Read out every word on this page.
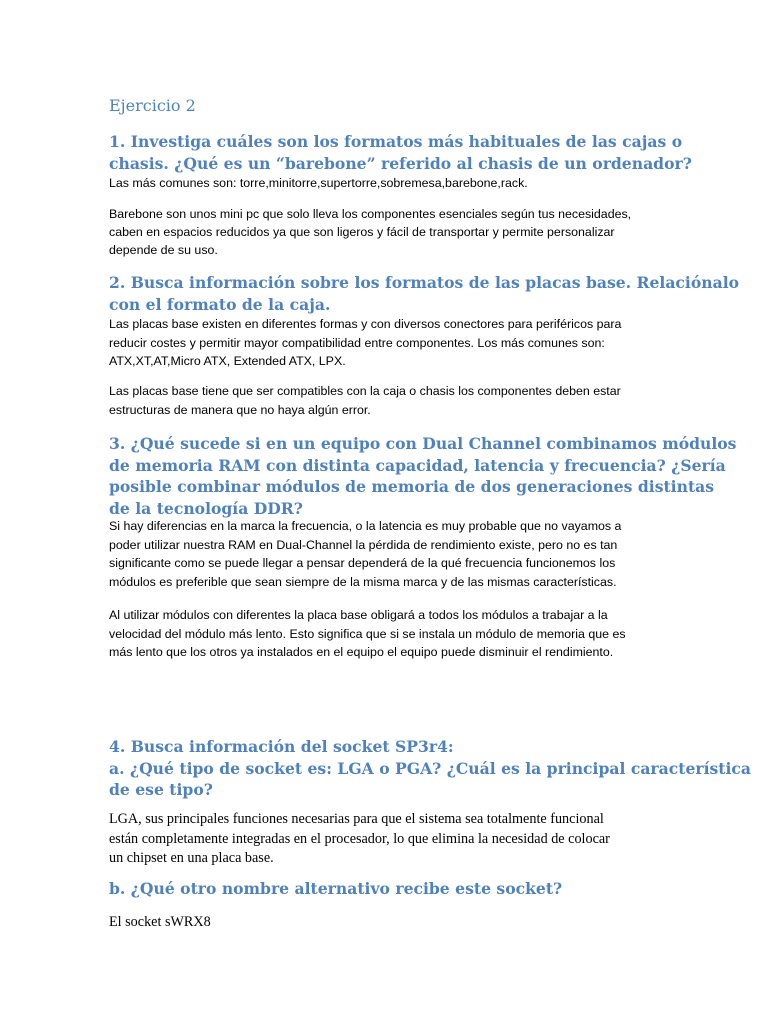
Ejercicio 2
1. Investiga cuáles son los formatos más habituales de las cajas o
chasis. ¿Qué es un “barebone” referido al chasis de un ordenador?
Las más comunes son: torre,minitorre,supertorre,sobremesa,barebone,rack.
Barebone son unos mini pc que solo lleva los componentes esenciales según tus necesidades,
caben en espacios reducidos ya que son ligeros y fácil de transportar y permite personalizar
depende de su uso.
2. Busca información sobre los formatos de las placas base. Relaciónalo
con el formato de la caja.
Las placas base existen en diferentes formas y con diversos conectores para periféricos para
reducir costes y permitir mayor compatibilidad entre componentes. Los más comunes son:
ATX,XT,AT,Micro ATX, Extended ATX, LPX.
Las placas base tiene que ser compatibles con la caja o chasis los componentes deben estar
estructuras de manera que no haya algún error.
3. ¿Qué sucede si en un equipo con Dual Channel combinamos módulos
de memoria RAM con distinta capacidad, latencia y frecuencia? ¿Sería
posible combinar módulos de memoria de dos generaciones distintas
de la tecnología DDR?
Si hay diferencias en la marca la frecuencia, o la latencia es muy probable que no vayamos a
poder utilizar nuestra RAM en Dual-Channel la pérdida de rendimiento existe, pero no es tan
significante como se puede llegar a pensar dependerá de la qué frecuencia funcionemos los
módulos es preferible que sean siempre de la misma marca y de las mismas características.
Al utilizar módulos con diferentes la placa base obligará a todos los módulos a trabajar a la
velocidad del módulo más lento. Esto significa que si se instala un módulo de memoria que es
más lento que los otros ya instalados en el equipo el equipo puede disminuir el rendimiento.
4. Busca información del socket SP3r4:
a. ¿Qué tipo de socket es: LGA o PGA? ¿Cuál es la principal característica
de ese tipo?
LGA, sus principales funciones necesarias para que el sistema sea totalmente funcional
están completamente integradas en el procesador, lo que elimina la necesidad de colocar
un chipset en una placa base.
b. ¿Qué otro nombre alternativo recibe este socket?
El socket sWRX8
